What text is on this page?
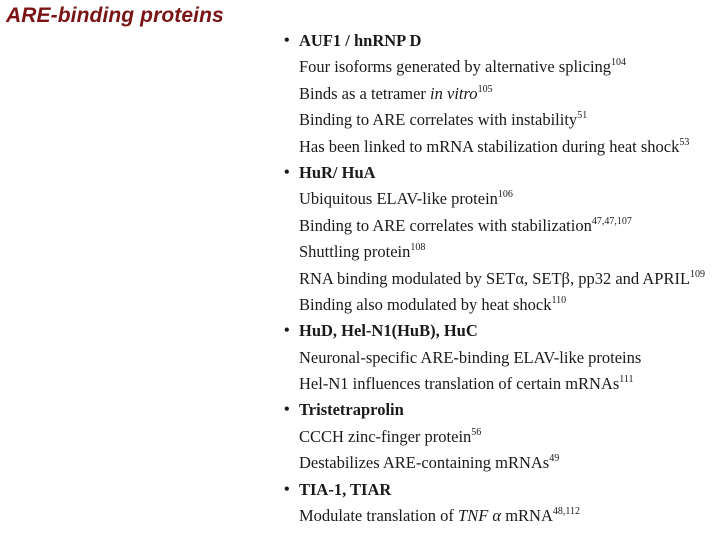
ARE-binding proteins
• AUF1 / hnRNP D
Four isoforms generated by alternative splicing$^{104}$
Binds as a tetramer in vitro$^{105}$
Binding to ARE correlates with instability$^{51}$
Has been linked to mRNA stabilization during heat shock$^{53}$
• HuR/ HuA
Ubiquitous ELAV-like protein$^{106}$
Binding to ARE correlates with stabilization$^{47,47,107}$
Shuttling protein$^{108}$
RNA binding modulated by SETα, SETβ, pp32 and APRIL$^{109}$
Binding also modulated by heat shock$^{110}$
• HuD, Hel-N1(HuB), HuC
Neuronal-specific ARE-binding ELAV-like proteins
Hel-N1 influences translation of certain mRNAs$^{111}$
• Tristetraprolin
CCCH zinc-finger protein$^{56}$
Destabilizes ARE-containing mRNAs$^{49}$
• TIA-1, TIAR
Modulate translation of TNF α mRNA$^{48,112}$
